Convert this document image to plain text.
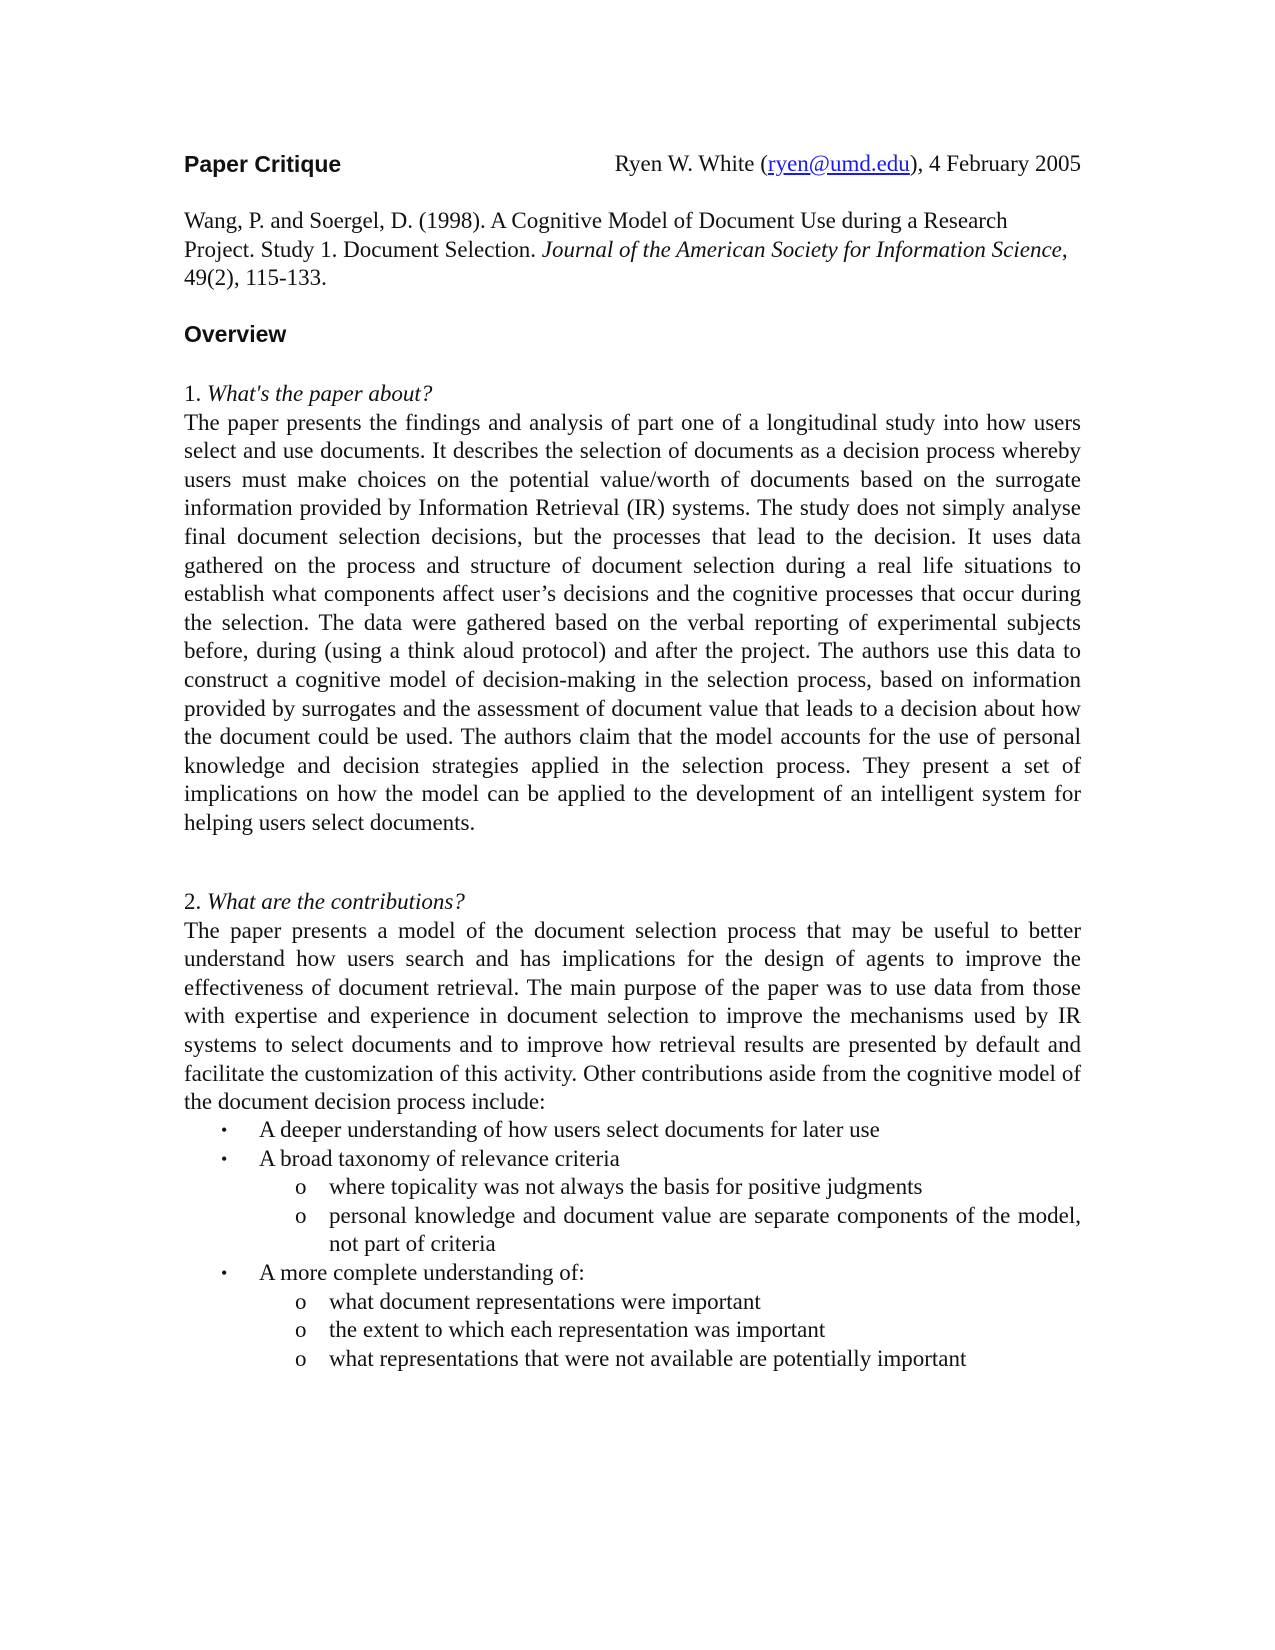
Paper Critique	Ryen W. White (ryen@umd.edu), 4 February 2005

Wang, P. and Soergel, D. (1998). A Cognitive Model of Document Use during a Research Project. Study 1. Document Selection. Journal of the American Society for Information Science, 49(2), 115-133.

Overview

1. What's the paper about?

The paper presents the findings and analysis of part one of a longitudinal study into how users select and use documents. It describes the selection of documents as a decision process whereby users must make choices on the potential value/worth of documents based on the surrogate information provided by Information Retrieval (IR) systems. The study does not simply analyse final document selection decisions, but the processes that lead to the decision. It uses data gathered on the process and structure of document selection during a real life situations to establish what components affect user’s decisions and the cognitive processes that occur during the selection. The data were gathered based on the verbal reporting of experimental subjects before, during (using a think aloud protocol) and after the project. The authors use this data to construct a cognitive model of decision-making in the selection process, based on information provided by surrogates and the assessment of document value that leads to a decision about how the document could be used. The authors claim that the model accounts for the use of personal knowledge and decision strategies applied in the selection process. They present a set of implications on how the model can be applied to the development of an intelligent system for helping users select documents.

2. What are the contributions?

The paper presents a model of the document selection process that may be useful to better understand how users search and has implications for the design of agents to improve the effectiveness of document retrieval. The main purpose of the paper was to use data from those with expertise and experience in document selection to improve the mechanisms used by IR systems to select documents and to improve how retrieval results are presented by default and facilitate the customization of this activity. Other contributions aside from the cognitive model of the document decision process include:

• A deeper understanding of how users select documents for later use
• A broad taxonomy of relevance criteria
o where topicality was not always the basis for positive judgments
o personal knowledge and document value are separate components of the model, not part of criteria
• A more complete understanding of:
o what document representations were important
o the extent to which each representation was important
o what representations that were not available are potentially important
